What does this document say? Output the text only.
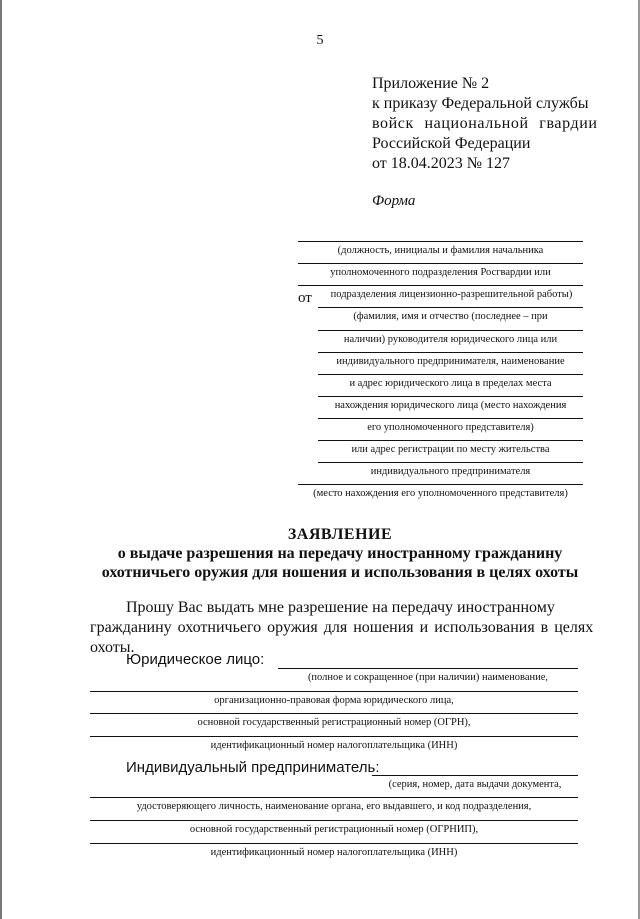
5
Приложение № 2
к приказу Федеральной службы
войск национальной гвардии
Российской Федерации
от 18.04.2023 № 127
Форма
(должность, инициалы и фамилия начальника
уполномоченного подразделения Росгвардии или
подразделения лицензионно-разрешительной работы)
от
(фамилия, имя и отчество (последнее – при
наличии) руководителя юридического лица или
индивидуального предпринимателя, наименование
и адрес юридического лица в пределах места
нахождения юридического лица (место нахождения
его уполномоченного представителя)
или адрес регистрации по месту жительства
индивидуального предпринимателя
(место нахождения его уполномоченного представителя)
ЗАЯВЛЕНИЕ
о выдаче разрешения на передачу иностранному гражданину
охотничьего оружия для ношения и использования в целях охоты
Прошу Вас выдать мне разрешение на передачу иностранному
гражданину охотничьего оружия для ношения и использования в целях
охоты.
Юридическое лицо:
(полное и сокращенное (при наличии) наименование,
организационно-правовая форма юридического лица,
основной государственный регистрационный номер (ОГРН),
идентификационный номер налогоплательщика (ИНН)
Индивидуальный предприниматель:
(серия, номер, дата выдачи документа,
удостоверяющего личность, наименование органа, его выдавшего, и код подразделения,
основной государственный регистрационный номер (ОГРНИП),
идентификационный номер налогоплательщика (ИНН)
